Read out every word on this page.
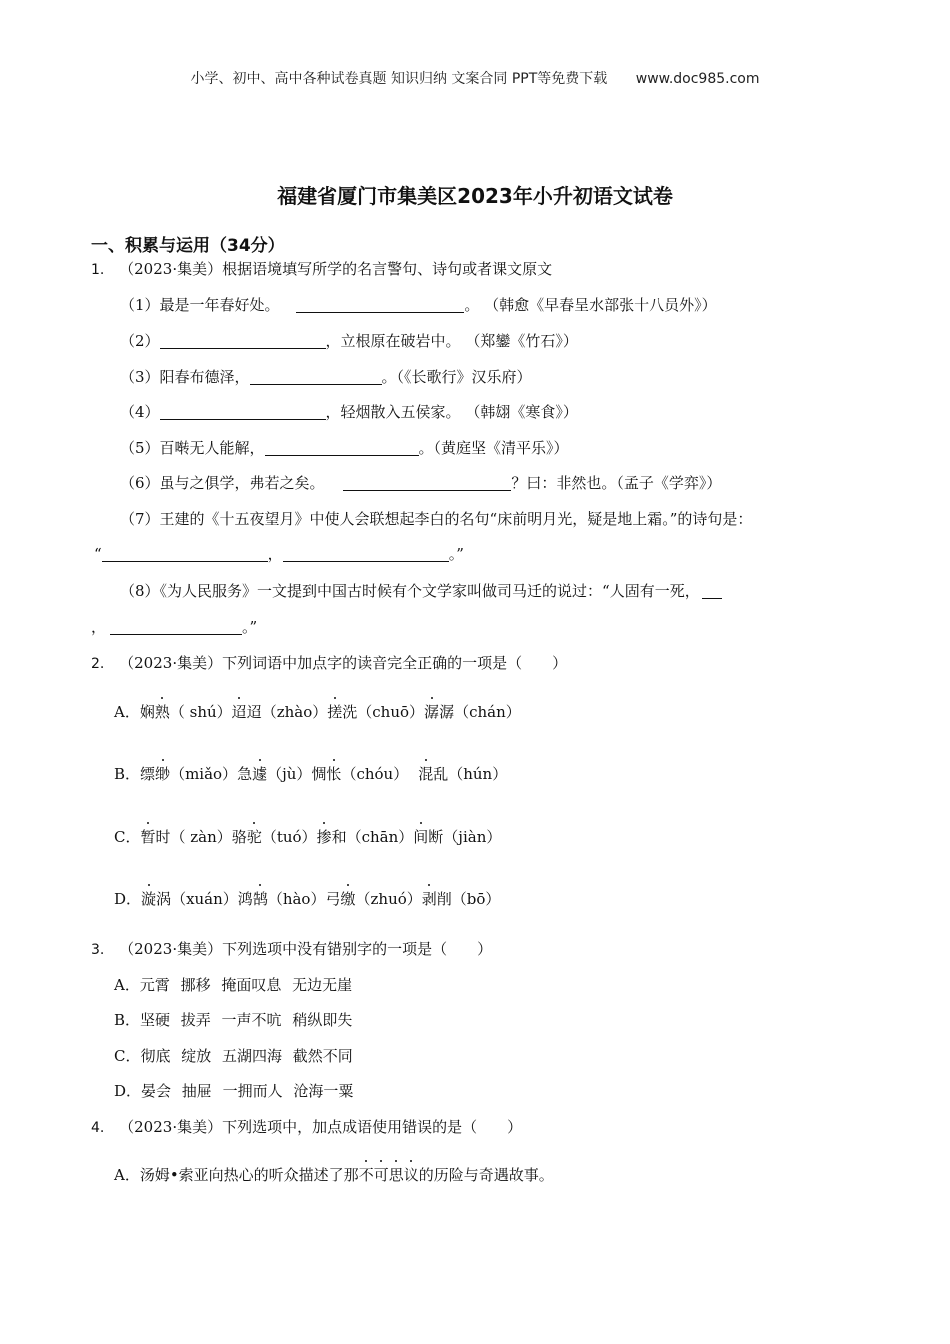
小学、初中、高中各种试卷真题 知识归纳 文案合同 PPT等免费下载 www.doc985.com
福建省厦门市集美区2023年小升初语文试卷
一、积累与运用（34分）
1. （2023·集美）根据语境填写所学的名言警句、诗句或者课文原文
（1）最是一年春好处。	。 （韩愈《早春呈水部张十八员外》）
（2）	，立根原在破岩中。 （郑鑾《竹石》）
（3）阳春布德泽，	。（《长歌行》汉乐府）
（4）	，轻烟散入五侯家。 （韩翃《寒食》）
（5）百啭无人能解，	。（黄庭坚《清平乐》）
（6）虽与之俱学，弗若之矣。	？曰：非然也。（孟子《学弈》）
（7）王建的《十五夜望月》中使人会联想起李白的名句“床前明月光，疑是地上霜。”的诗句是：
“	，	。”
（8）《为人民服务》一文提到中国古时候有个文学家叫做司马迁的说过：“人固有一死，
，	。”
2. （2023·集美）下列词语中加点字的读音完全正确的一项是（　　）
A．娴熟（ shú）迢迢（zhào）搓洗（chuō）潺潺（chán）
B．缥缈（miǎo）急遽（jù）惆怅（chóu） 混乱（hún）
C．暂时（ zàn）骆驼（tuó）掺和（chān）间断（jiàn）
D．漩涡（xuán）鸿鹄（hào）弓缴（zhuó）剥削（bō）
3. （2023·集美）下列选项中没有错别字的一项是（　　）
A．元霄 挪移 掩面叹息 无边无崖
B．坚硬 拔弄 一声不吭 稍纵即失
C．彻底 绽放 五湖四海 截然不同
D．晏会 抽屉 一拥而人 沧海一粟
4. （2023·集美）下列选项中，加点成语使用错误的是（　　）
A．汤姆•索亚向热心的听众描述了那不可思议的历险与奇遇故事。
